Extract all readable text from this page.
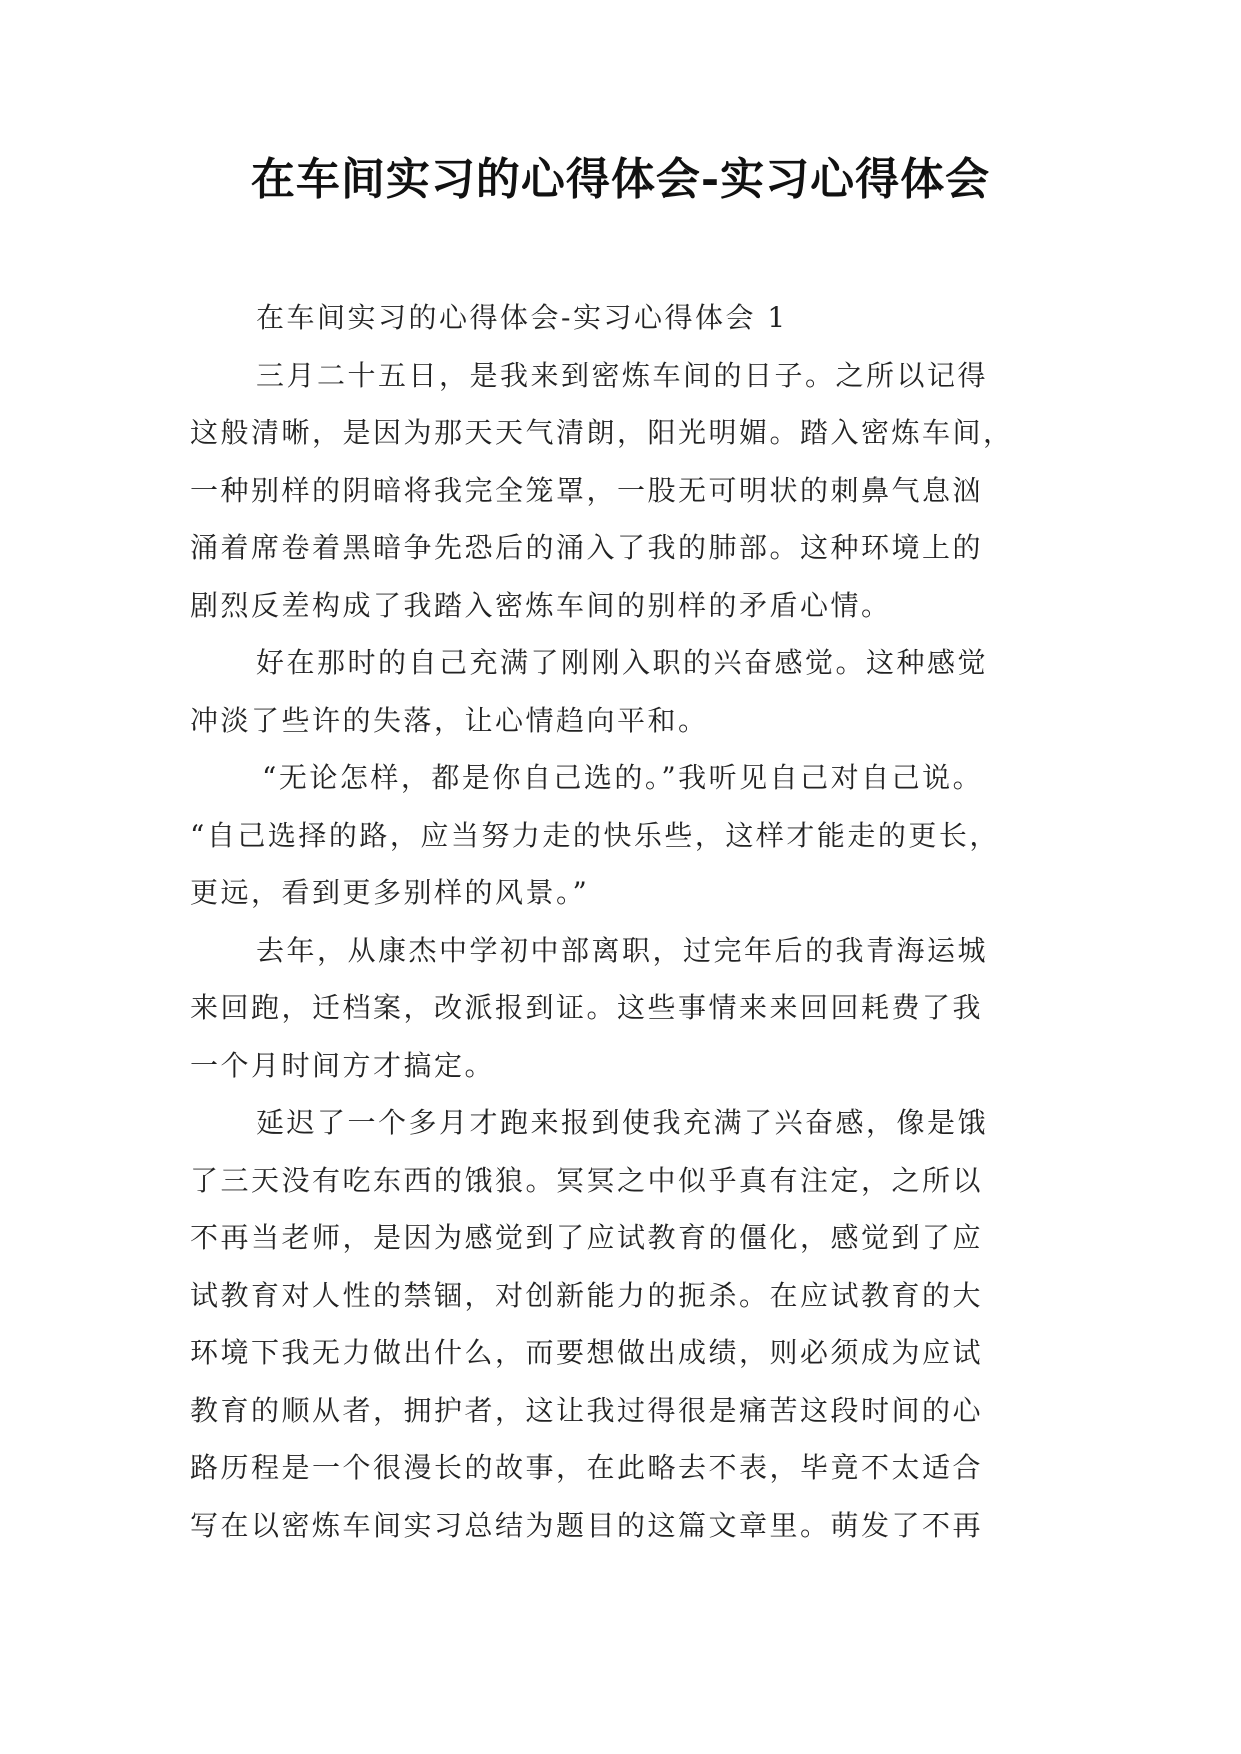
在车间实习的心得体会-实习心得体会
在车间实习的心得体会-实习心得体会 1
三月二十五日，是我来到密炼车间的日子。之所以记得
这般清晰，是因为那天天气清朗，阳光明媚。踏入密炼车间，
一种别样的阴暗将我完全笼罩，一股无可明状的刺鼻气息汹
涌着席卷着黑暗争先恐后的涌入了我的肺部。这种环境上的
剧烈反差构成了我踏入密炼车间的别样的矛盾心情。
好在那时的自己充满了刚刚入职的兴奋感觉。这种感觉
冲淡了些许的失落，让心情趋向平和。
“无论怎样，都是你自己选的。”我听见自己对自己说。
“自己选择的路，应当努力走的快乐些，这样才能走的更长，
更远，看到更多别样的风景。”
去年，从康杰中学初中部离职，过完年后的我青海运城
来回跑，迁档案，改派报到证。这些事情来来回回耗费了我
一个月时间方才搞定。
延迟了一个多月才跑来报到使我充满了兴奋感，像是饿
了三天没有吃东西的饿狼。冥冥之中似乎真有注定，之所以
不再当老师，是因为感觉到了应试教育的僵化，感觉到了应
试教育对人性的禁锢，对创新能力的扼杀。在应试教育的大
环境下我无力做出什么，而要想做出成绩，则必须成为应试
教育的顺从者，拥护者，这让我过得很是痛苦这段时间的心
路历程是一个很漫长的故事，在此略去不表，毕竟不太适合
写在以密炼车间实习总结为题目的这篇文章里。萌发了不再
